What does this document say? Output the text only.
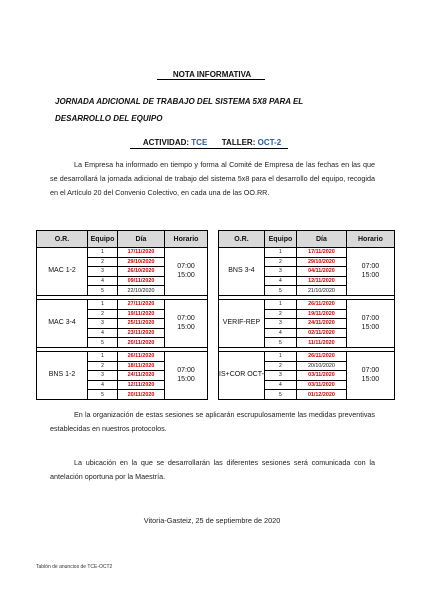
NOTA INFORMATIVA
JORNADA ADICIONAL DE TRABAJO DEL SISTEMA 5X8 PARA EL
DESARROLLO DEL EQUIPO
ACTIVIDAD: TCE TALLER: OCT-2
La Empresa ha informado en tiempo y forma al Comité de Empresa de las fechas en las que se desarrollará la jornada adicional de trabajo del sistema 5x8 para el desarrollo del equipo, recogida en el Artículo 20 del Convenio Colectivo, en cada una de las OO.RR.
O.R.	Equipo	Día	Horario
MAC 1-2	1	17/11/2020	07:00
15:00

	2	29/10/2020	
	3	26/10/2020	
	4	09/11/2020	
	5	22/10/2020	

MAC 3-4	1	27/11/2020	07:00
15:00

	2	19/11/2020	
	3	25/11/2020	
	4	23/11/2020	
	5	20/11/2020	

BNS 1-2	1	26/11/2020	07:00
15:00

	2	18/11/2020	
	3	24/11/2020	
	4	12/11/2020	
	5	20/11/2020	
O.R.	Equipo	Día	Horario
BNS 3-4	1	17/11/2020	07:00
15:00

	2	29/10/2020	
	3	04/11/2020	
	4	12/11/2020	
	5	21/10/2020	

VERIF-REP	1	26/11/2020	07:00
15:00

	2	19/11/2020	
	3	24/11/2020	
	4	02/11/2020	
	5	11/11/2020	

IS+COR OCT-	1	26/11/2020	07:00
15:00

	2	20/10/2020	
	3	03/11/2020	
	4	03/11/2020	
	5	01/12/2020	
En la organización de estas sesiones se aplicarán escrupulosamente las medidas preventivas establecidas en nuestros protocolos.
La ubicación en la que se desarrollarán las diferentes sesiones será comunicada con la antelación oportuna por la Maestría.
Vitoria-Gasteiz, 25 de septiembre de 2020
Tablón de anuncios de TCE-OCT2
